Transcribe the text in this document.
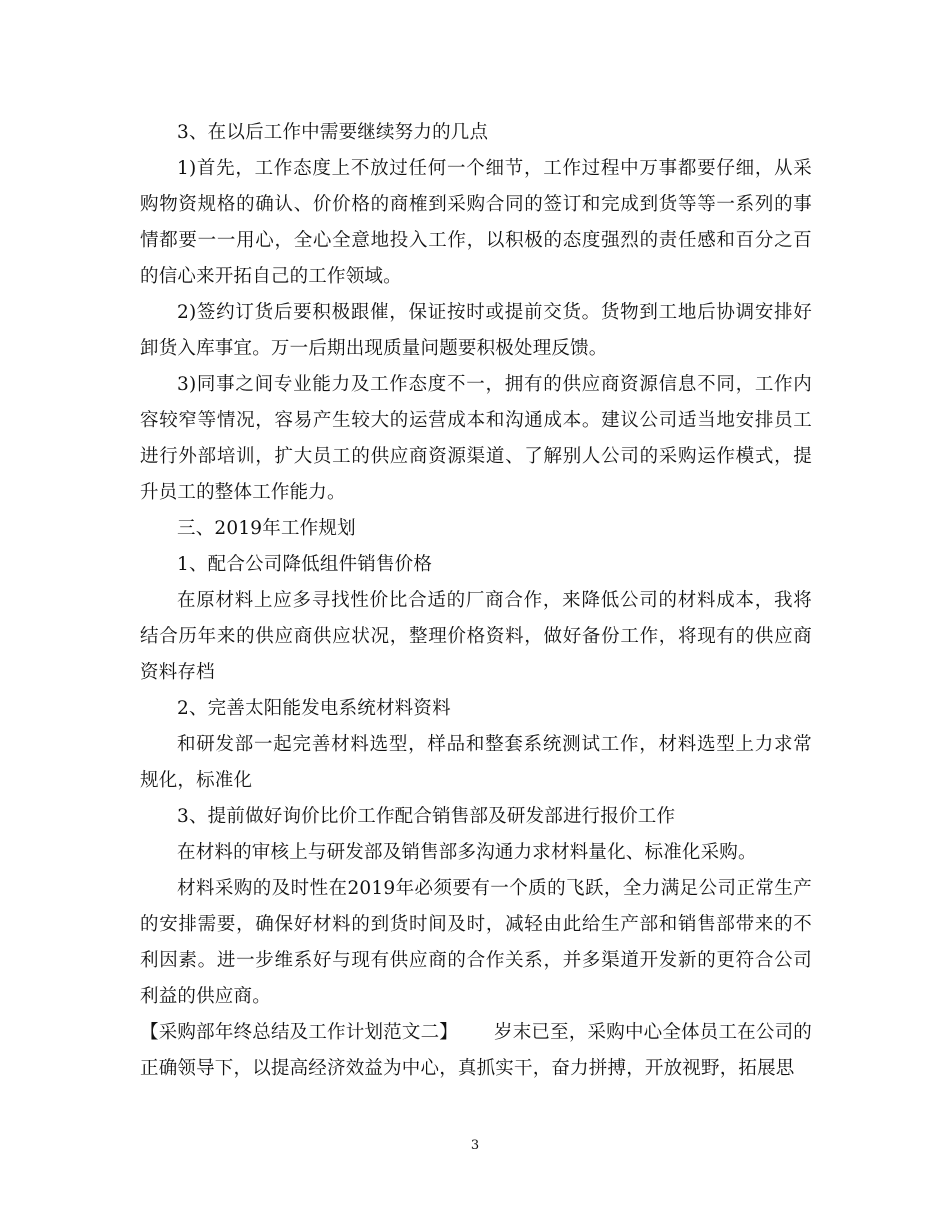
3、在以后工作中需要继续努力的几点

1)首先，工作态度上不放过任何一个细节，工作过程中万事都要仔细，从采购物资规格的确认、价价格的商榷到采购合同的签订和完成到货等等一系列的事情都要一一用心，全心全意地投入工作，以积极的态度强烈的责任感和百分之百的信心来开拓自己的工作领域。

2)签约订货后要积极跟催，保证按时或提前交货。货物到工地后协调安排好卸货入库事宜。万一后期出现质量问题要积极处理反馈。

3)同事之间专业能力及工作态度不一，拥有的供应商资源信息不同，工作内容较窄等情况，容易产生较大的运营成本和沟通成本。建议公司适当地安排员工进行外部培训，扩大员工的供应商资源渠道、了解别人公司的采购运作模式，提升员工的整体工作能力。

三、2019年工作规划

1、配合公司降低组件销售价格

在原材料上应多寻找性价比合适的厂商合作，来降低公司的材料成本，我将结合历年来的供应商供应状况，整理价格资料，做好备份工作，将现有的供应商资料存档

2、完善太阳能发电系统材料资料

和研发部一起完善材料选型，样品和整套系统测试工作，材料选型上力求常规化，标准化

3、提前做好询价比价工作配合销售部及研发部进行报价工作

在材料的审核上与研发部及销售部多沟通力求材料量化、标准化采购。

材料采购的及时性在2019年必须要有一个质的飞跃，全力满足公司正常生产的安排需要，确保好材料的到货时间及时，减轻由此给生产部和销售部带来的不利因素。进一步维系好与现有供应商的合作关系，并多渠道开发新的更符合公司利益的供应商。

【采购部年终总结及工作计划范文二】 岁末已至，采购中心全体员工在公司的正确领导下，以提高经济效益为中心，真抓实干，奋力拼搏，开放视野，拓展思

3
